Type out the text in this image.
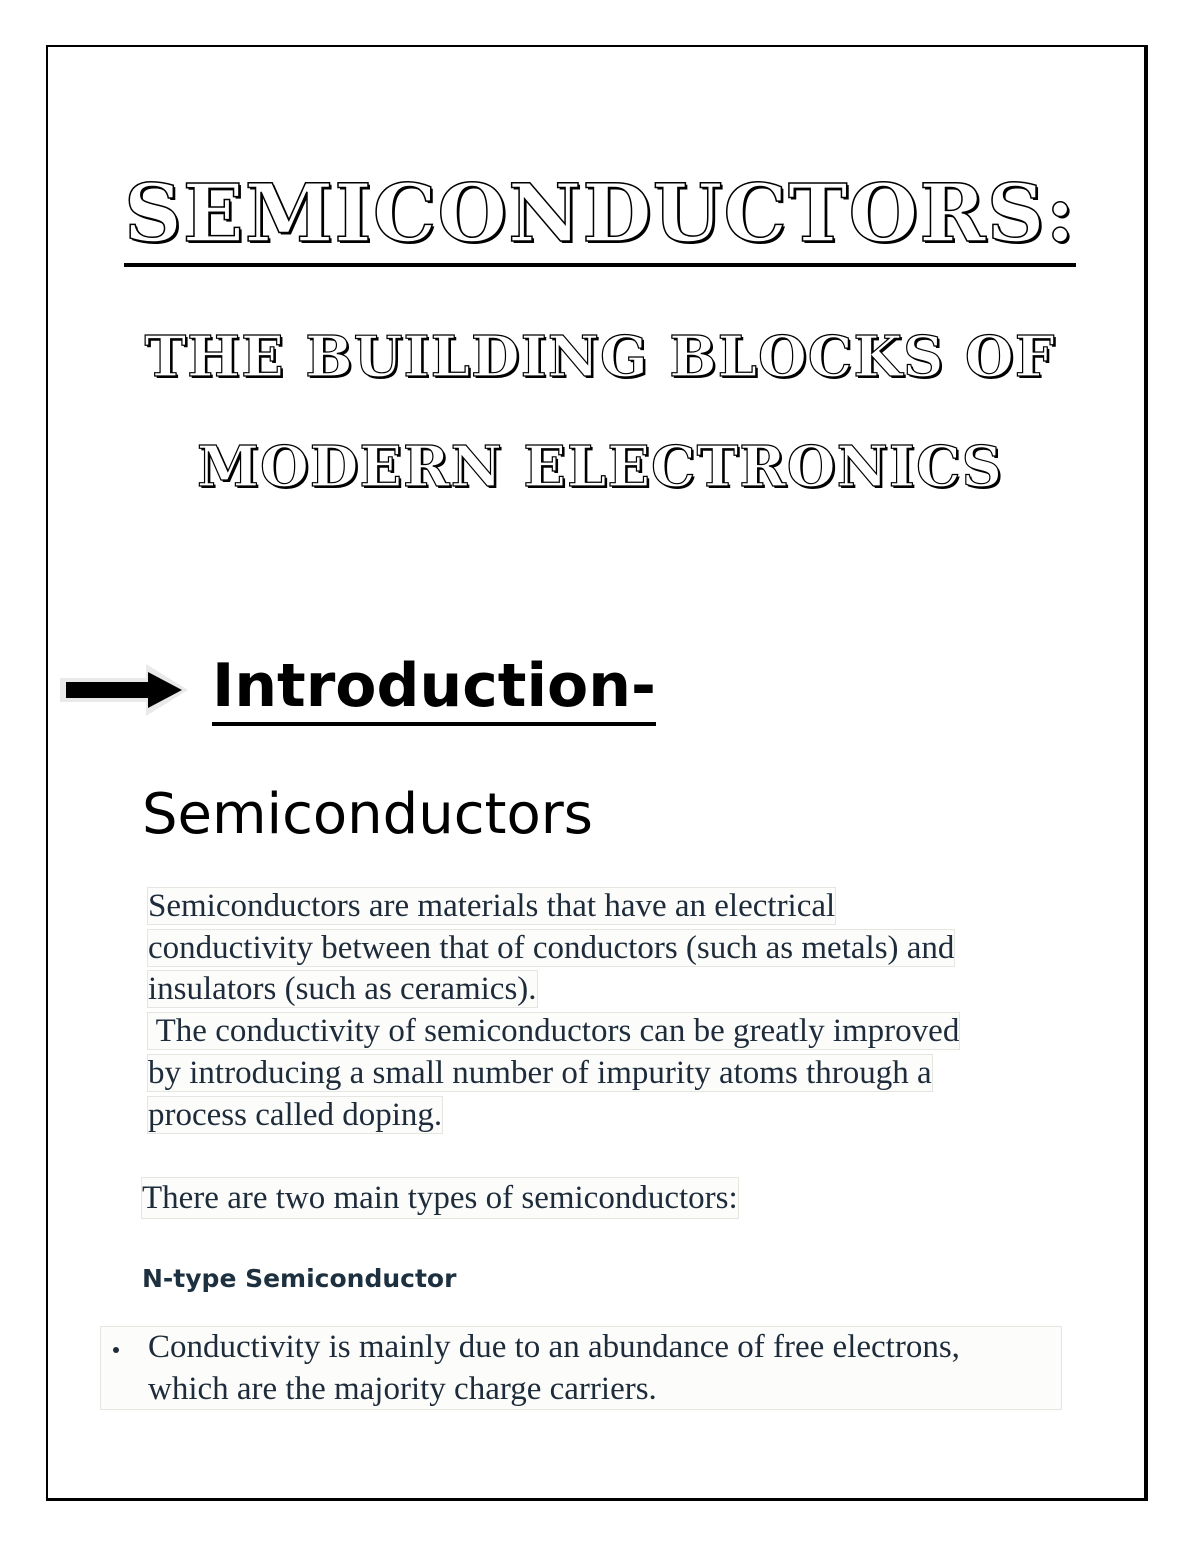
SEMICONDUCTORS:
THE BUILDING BLOCKS OF
MODERN ELECTRONICS
Introduction-
Semiconductors
Semiconductors are materials that have an electrical
conductivity between that of conductors (such as metals) and
insulators (such as ceramics).
The conductivity of semiconductors can be greatly improved
by introducing a small number of impurity atoms through a
process called doping.
There are two main types of semiconductors:
N-type Semiconductor
Conductivity is mainly due to an abundance of free electrons,
which are the majority charge carriers.
